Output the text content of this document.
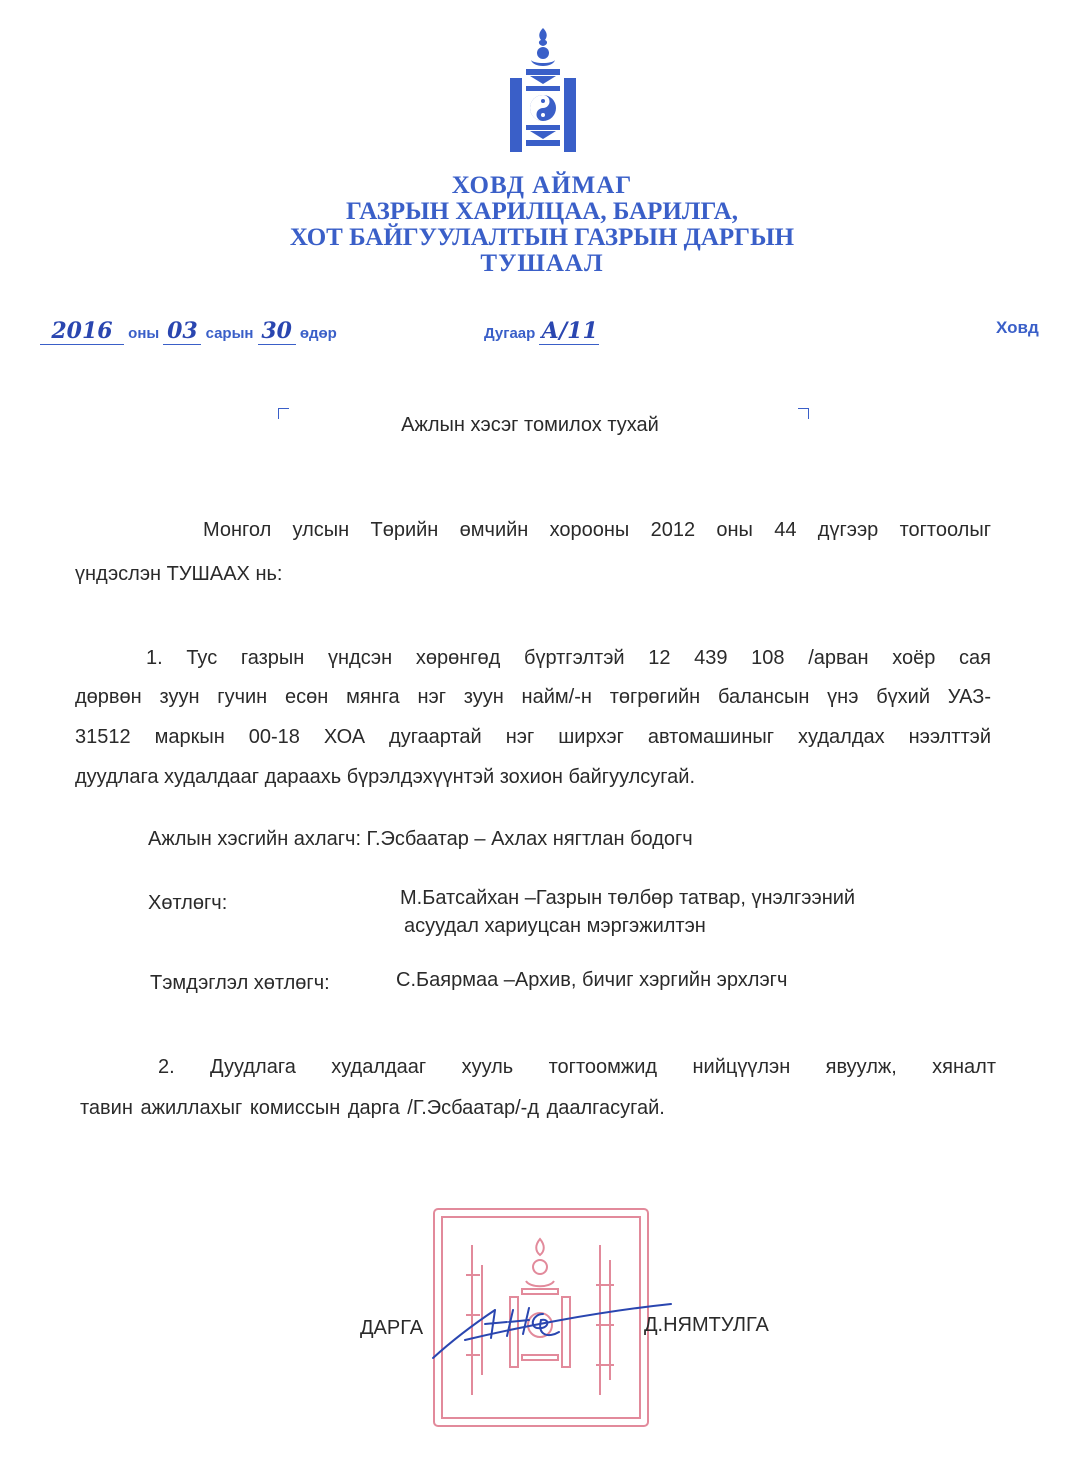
ХОВД АЙМАГ
ГАЗРЫН ХАРИЛЦАА, БАРИЛГА,
ХОТ БАЙГУУЛАЛТЫН ГАЗРЫН ДАРГЫН
ТУШААЛ
2016 оны 03 сарын 30 өдөр	Дугаар А/11	Ховд
Ажлын хэсэг томилох тухай
Монгол улсын Төрийн өмчийн хорооны 2012 оны 44 дүгээр тогтоолыг
үндэслэн ТУШААХ нь:
1. Тус газрын үндсэн хөрөнгөд бүртгэлтэй 12 439 108 /арван хоёр сая
дөрвөн зуун гучин есөн мянга нэг зуун найм/-н төгрөгийн балансын үнэ бүхий УАЗ-
31512 маркын 00-18 ХОА дугаартай нэг ширхэг автомашиныг худалдах нээлттэй
дуудлага худалдааг дараахь бүрэлдэхүүнтэй зохион байгуулсугай.
Ажлын хэсгийн ахлагч: Г.Эсбаатар – Ахлах нягтлан бодогч
Хөтлөгч:	М.Батсайхан –Газрын төлбөр татвар, үнэлгээний
асуудал хариуцсан мэргэжилтэн
Тэмдэглэл хөтлөгч:	С.Баярмаа –Архив, бичиг хэргийн эрхлэгч
2. Дуудлага худалдааг хууль тогтоомжид нийцүүлэн явуулж, хяналт
тавин ажиллахыг комиссын дарга /Г.Эсбаатар/-д даалгасугай.
ДАРГА	Д.НЯМТУЛГА
